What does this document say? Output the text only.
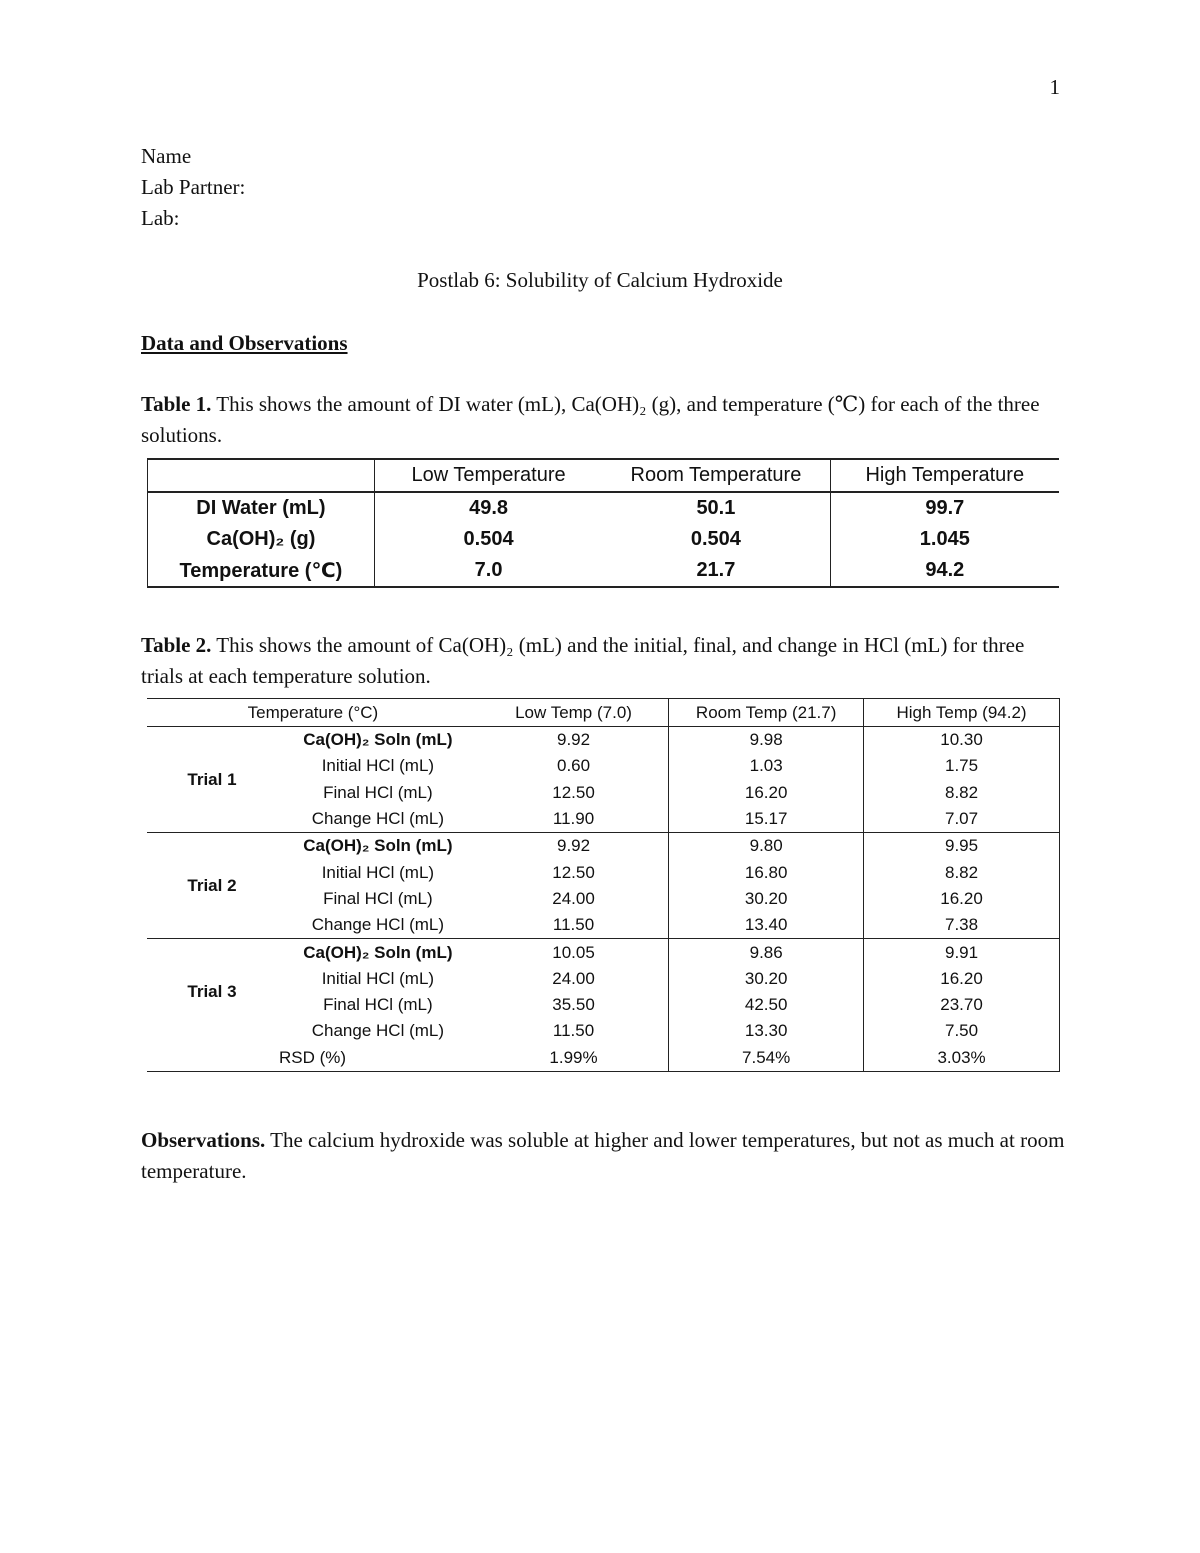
1
Name
Lab Partner:
Lab:
Postlab 6: Solubility of Calcium Hydroxide
Data and Observations
Table 1. This shows the amount of DI water (mL), Ca(OH)₂ (g), and temperature (℃) for each of the three solutions.
	Low Temperature	Room Temperature	High Temperature
DI Water (mL)	49.8	50.1	99.7
Ca(OH)₂ (g)	0.504	0.504	1.045
Temperature (℃)	7.0	21.7	94.2
Table 2. This shows the amount of Ca(OH)₂ (mL) and the initial, final, and change in HCl (mL) for three trials at each temperature solution.
Temperature (°C)		Low Temp (7.0)	Room Temp (21.7)	High Temp (94.2)
Trial 1	Ca(OH)₂ Soln (mL)	9.92	9.98	10.30
	Initial HCl (mL)	0.60	1.03	1.75
	Final HCl (mL)	12.50	16.20	8.82
	Change HCl (mL)	11.90	15.17	7.07
Trial 2	Ca(OH)₂ Soln (mL)	9.92	9.80	9.95
	Initial HCl (mL)	12.50	16.80	8.82
	Final HCl (mL)	24.00	30.20	16.20
	Change HCl (mL)	11.50	13.40	7.38
Trial 3	Ca(OH)₂ Soln (mL)	10.05	9.86	9.91
	Initial HCl (mL)	24.00	30.20	16.20
	Final HCl (mL)	35.50	42.50	23.70
	Change HCl (mL)	11.50	13.30	7.50
RSD (%)		1.99%	7.54%	3.03%
Observations. The calcium hydroxide was soluble at higher and lower temperatures, but not as much at room temperature.
